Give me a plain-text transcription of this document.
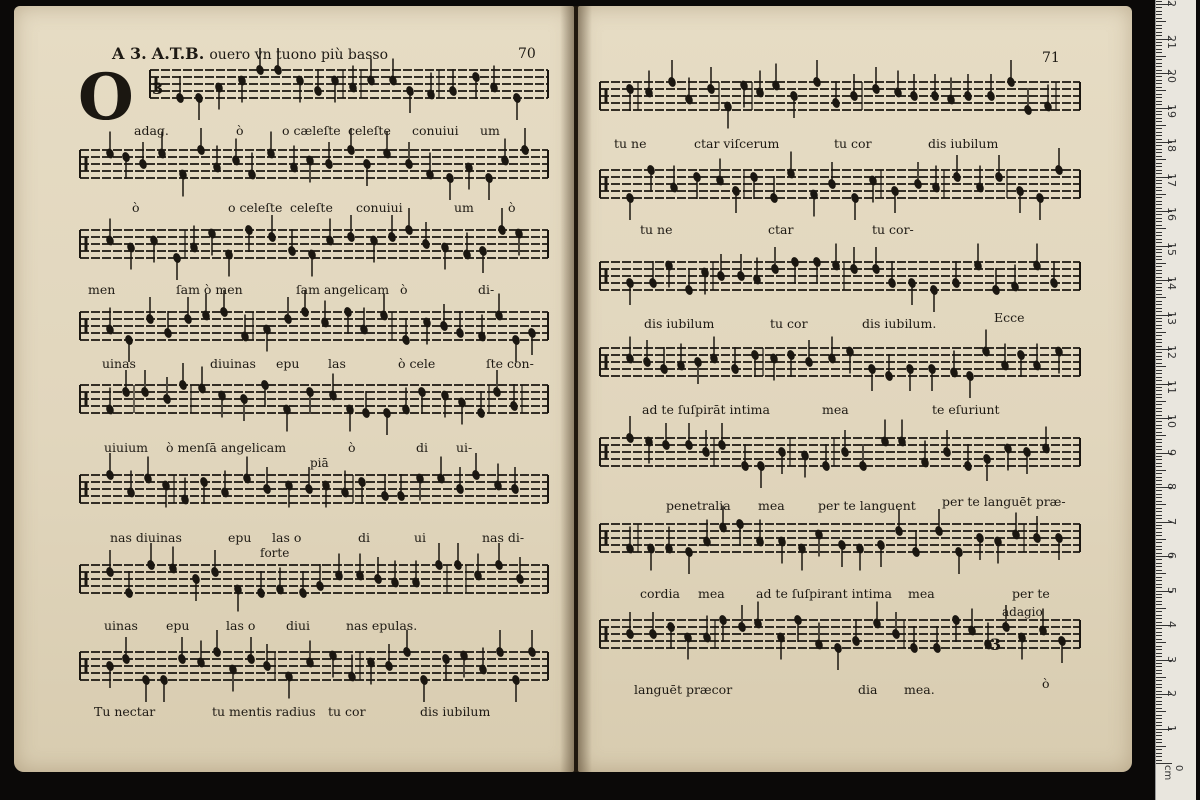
A 3. A.T.B. ouero vn tuono più basso	70
O
71
3
3
adag.	ò	o cæleſte celeſte conuiui um
ò	o celeſte celeſte conuiui	um	ò
men	ſam ò men	ſam angelicam ò	di-
uinas	diuinas epu las	ò cele	ſte con-
uiuium ò menſā angelicam	ò	di ui-
piā
nas diuinas	epu las o	di	ui	nas di-
forte
uinas epu	las o diui	nas epulas.
Tu nectar	tu mentis radius tu cor	dis iubilum
tu ne	ctar viſcerum	tu cor	dis iubilum
tu ne	ctar	tu cor-
dis iubilum	tu cor	dis iubilum.	Ecce
ad te ſuſpirāt intima	mea	te eſuriunt
penetralia mea	per te languent per te languēt præ-
cordia mea	ad te ſuſpirant intima mea	per te
adagio
languēt præcor	dia mea.	ò
1
2
3
4
5
6
7
8
9
10
11
12
13
14
15
16
17
18
19
20
21
2
0 cm
